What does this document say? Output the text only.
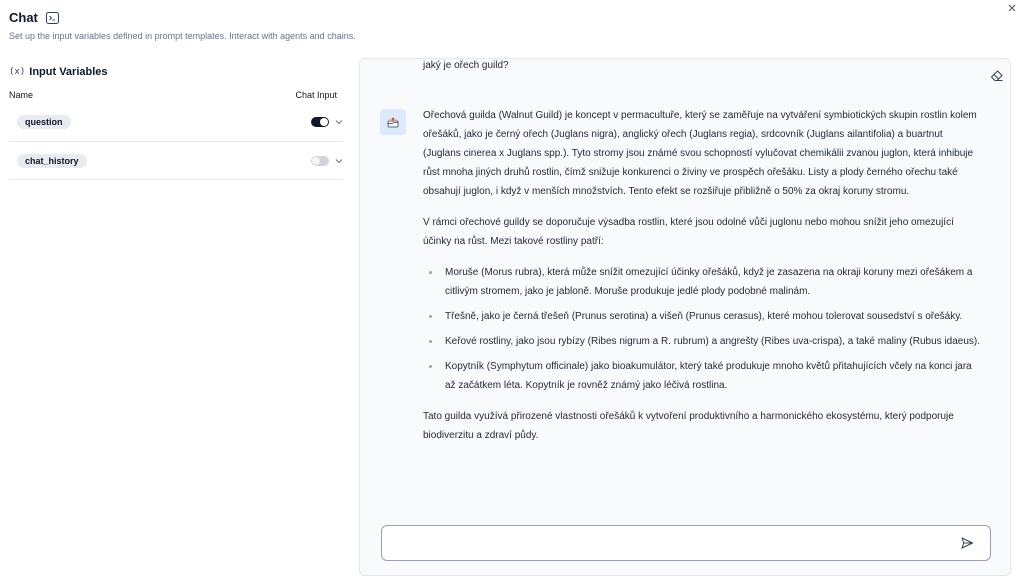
Chat
Set up the input variables defined in prompt templates. Interact with agents and chains.
(x) Input Variables
Name	Chat Input
question
chat_history
jaký je ořech guild?

Ořechová guilda (Walnut Guild) je koncept v permacultuře, který se zaměřuje na vytváření symbiotických skupin rostlin kolem ořešáků, jako je černý ořech (Juglans nigra), anglický ořech (Juglans regia), srdcovník (Juglans ailantifolia) a buartnut (Juglans cinerea x Juglans spp.). Tyto stromy jsou známé svou schopností vylučovat chemikálii zvanou juglon, která inhibuje růst mnoha jiných druhů rostlin, čímž snižuje konkurenci o živiny ve prospěch ořešáku. Listy a plody černého ořechu také obsahují juglon, i když v menších množstvích. Tento efekt se rozšiřuje přibližně o 50% za okraj koruny stromu.

V rámci ořechové guildy se doporučuje výsadba rostlin, které jsou odolné vůči juglonu nebo mohou snížit jeho omezující účinky na růst. Mezi takové rostliny patří:

Moruše (Morus rubra), která může snížit omezující účinky ořešáků, když je zasazena na okraji koruny mezi ořešákem a citlivým stromem, jako je jabloně. Moruše produkuje jedlé plody podobné malinám.
Třešně, jako je černá třešeň (Prunus serotina) a višeň (Prunus cerasus), které mohou tolerovat sousedství s ořešáky.
Keřové rostliny, jako jsou rybízy (Ribes nigrum a R. rubrum) a angrešty (Ribes uva-crispa), a také maliny (Rubus idaeus).
Kopytník (Symphytum officinale) jako bioakumulátor, který také produkuje mnoho květů přitahujících včely na konci jara až začátkem léta. Kopytník je rovněž známý jako léčivá rostlina.

Tato guilda využívá přirozené vlastnosti ořešáků k vytvoření produktivního a harmonického ekosystému, který podporuje biodiverzitu a zdraví půdy.
